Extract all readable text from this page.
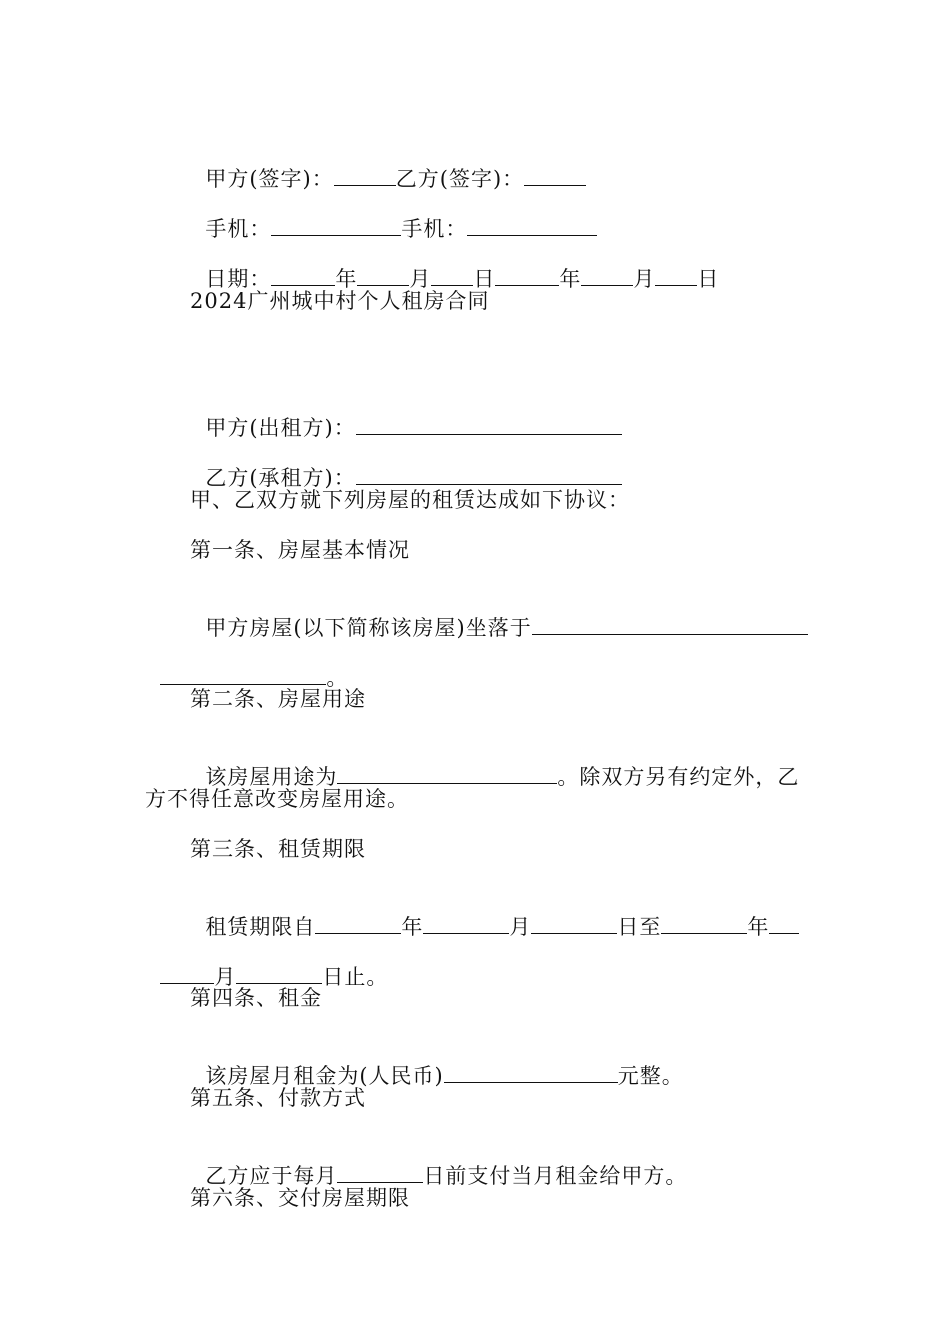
甲方(签字)：	乙方(签字)：

手机：	手机：

日期：	年 月 日	年 月 日

2024广州城中村个人租房合同

甲方(出租方)：

乙方(承租方)：

甲、乙双方就下列房屋的租赁达成如下协议：
第一条、房屋基本情况

甲方房屋(以下简称该房屋)坐落于

。

第二条、房屋用途

该房屋用途为	。除双方另有约定外，乙

方不得任意改变房屋用途。
第三条、租赁期限

租赁期限自	年	月	日至	年

月	日止。

第四条、租金

该房屋月租金为(人民币)	元整。

第五条、付款方式

乙方应于每月	日前支付当月租金给甲方。

第六条、交付房屋期限
